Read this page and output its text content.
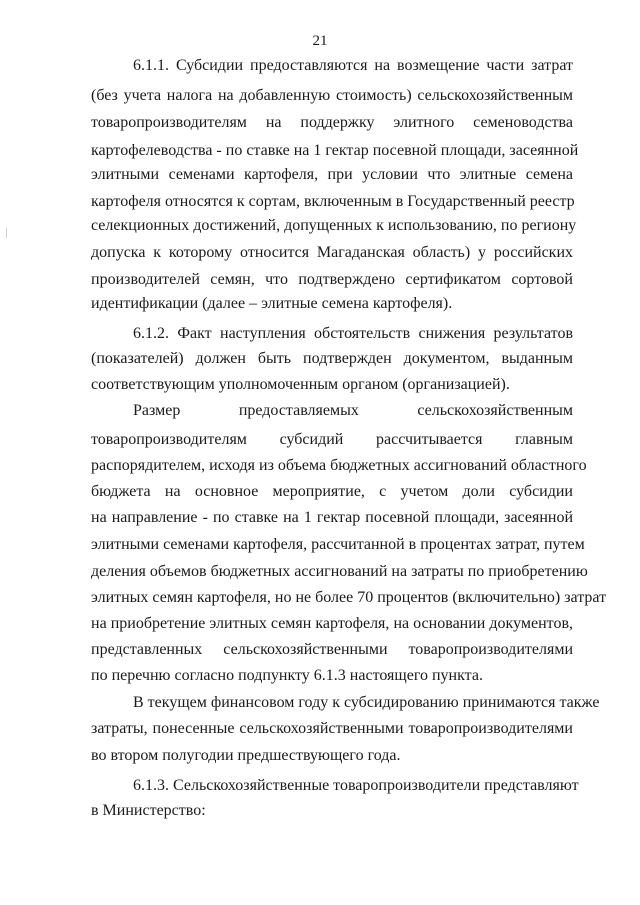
21
6.1.1. Субсидии предоставляются на возмещение части затрат
(без учета налога на добавленную стоимость) сельскохозяйственным
товаропроизводителям на поддержку элитного семеноводства
картофелеводства - по ставке на 1 гектар посевной площади, засеянной
элитными семенами картофеля, при условии что элитные семена
картофеля относятся к сортам, включенным в Государственный реестр
селекционных достижений, допущенных к использованию, по региону
допуска к которому относится Магаданская область) у российских
производителей семян, что подтверждено сертификатом сортовой
идентификации (далее – элитные семена картофеля).
6.1.2. Факт наступления обстоятельств снижения результатов
(показателей) должен быть подтвержден документом, выданным
соответствующим уполномоченным органом (организацией).
Размер предоставляемых сельскохозяйственным
товаропроизводителям субсидий рассчитывается главным
распорядителем, исходя из объема бюджетных ассигнований областного
бюджета на основное мероприятие, с учетом доли субсидии
на направление - по ставке на 1 гектар посевной площади, засеянной
элитными семенами картофеля, рассчитанной в процентах затрат, путем
деления объемов бюджетных ассигнований на затраты по приобретению
элитных семян картофеля, но не более 70 процентов (включительно) затрат
на приобретение элитных семян картофеля, на основании документов,
представленных сельскохозяйственными товаропроизводителями
по перечню согласно подпункту 6.1.3 настоящего пункта.
В текущем финансовом году к субсидированию принимаются также
затраты, понесенные сельскохозяйственными товаропроизводителями
во втором полугодии предшествующего года.
6.1.3. Сельскохозяйственные товаропроизводители представляют
в Министерство:
